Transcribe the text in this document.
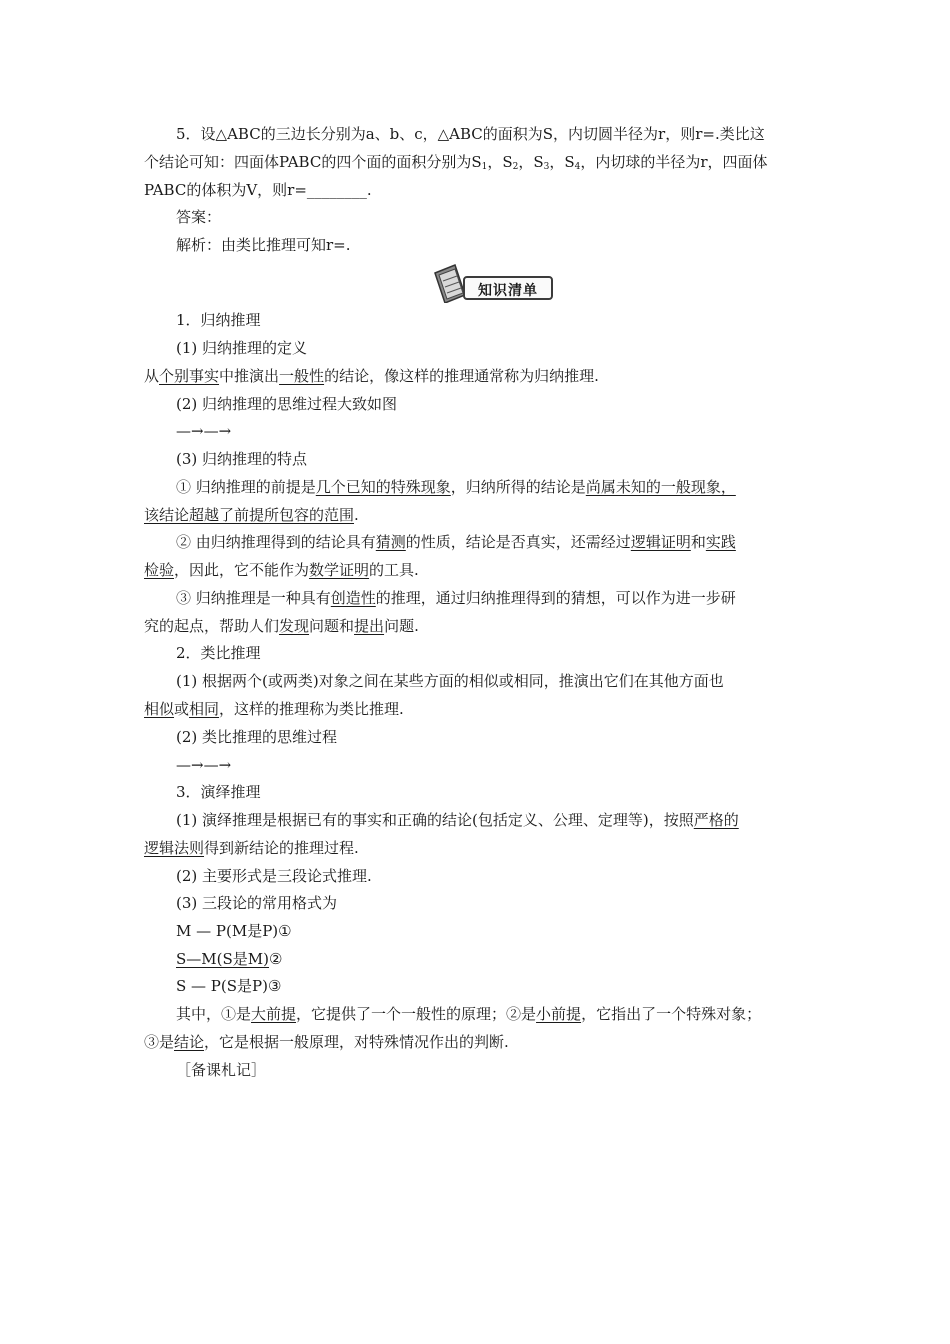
5．设△ABC的三边长分别为a、b、c，△ABC的面积为S，内切圆半径为r，则r=.类比这
个结论可知：四面体PABC的四个面的面积分别为$S_1$，$S_2$，$S_3$，$S_4$，内切球的半径为r，四面体
PABC的体积为V，则r=________.
答案：
解析：由类比推理可知r=.
知识清单
1．归纳推理
(1) 归纳推理的定义
从个别事实中推演出一般性的结论，像这样的推理通常称为归纳推理.
(2) 归纳推理的思维过程大致如图
—→—→
(3) 归纳推理的特点
① 归纳推理的前提是几个已知的特殊现象，归纳所得的结论是尚属未知的一般现象，
该结论超越了前提所包容的范围.
② 由归纳推理得到的结论具有猜测的性质，结论是否真实，还需经过逻辑证明和实践
检验，因此，它不能作为数学证明的工具.
③ 归纳推理是一种具有创造性的推理，通过归纳推理得到的猜想，可以作为进一步研
究的起点，帮助人们发现问题和提出问题.
2．类比推理
(1) 根据两个(或两类)对象之间在某些方面的相似或相同，推演出它们在其他方面也
相似或相同，这样的推理称为类比推理.
(2) 类比推理的思维过程
—→—→
3．演绎推理
(1) 演绎推理是根据已有的事实和正确的结论(包括定义、公理、定理等)，按照严格的
逻辑法则得到新结论的推理过程.
(2) 主要形式是三段论式推理.
(3) 三段论的常用格式为
M — P(M是P)①
S—M(S是M)②
S — P(S是P)③
其中，①是大前提，它提供了一个一般性的原理；②是小前提，它指出了一个特殊对象；
③是结论，它是根据一般原理，对特殊情况作出的判断.
［备课札记］
